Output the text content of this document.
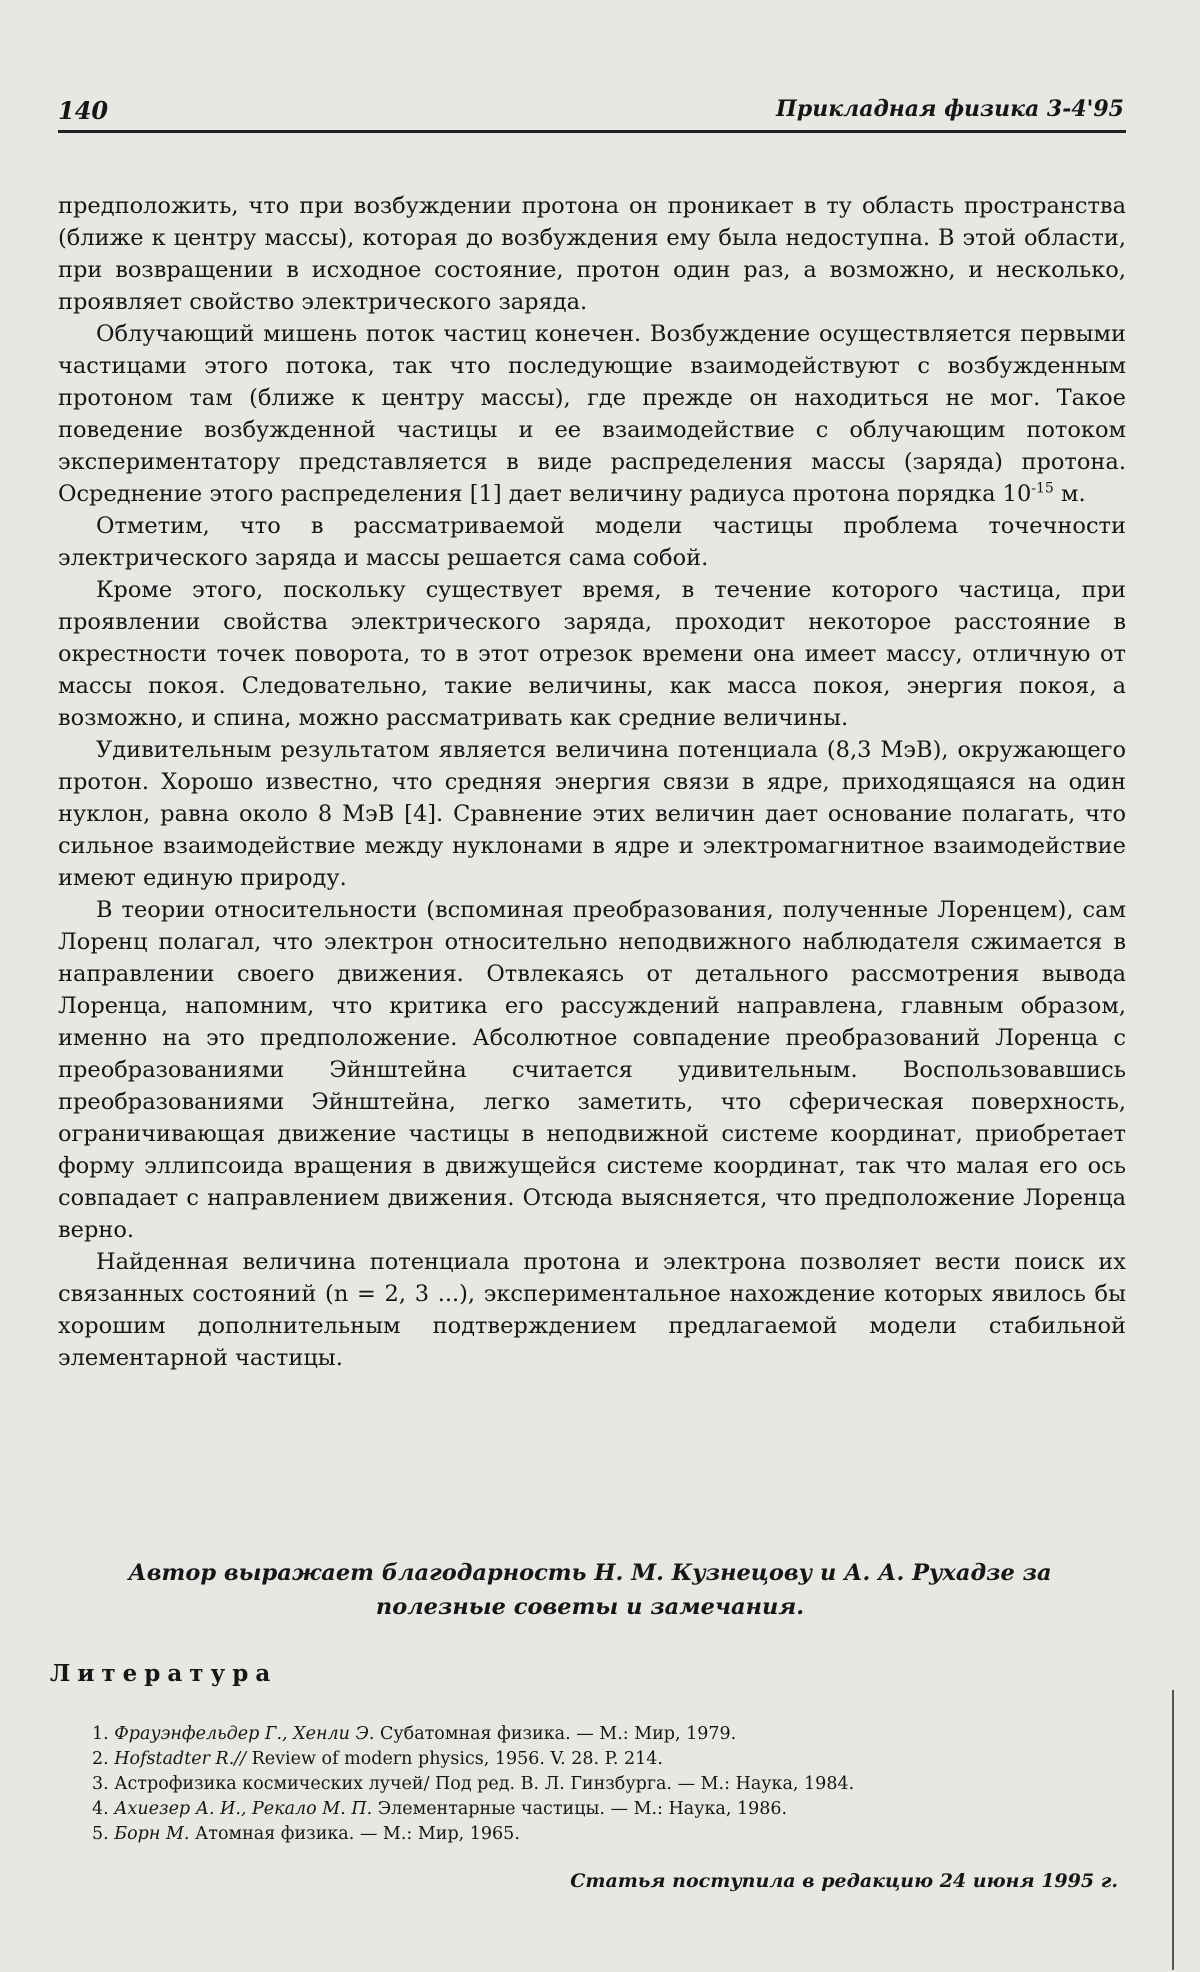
140	Прикладная физика 3-4'95

предположить, что при возбуждении протона он проникает в ту область пространства (ближе к центру массы), которая до возбуждения ему была недоступна. В этой области, при возвращении в исходное состояние, протон один раз, а возможно, и несколько, проявляет свойство электрического заряда.

Облучающий мишень поток частиц конечен. Возбуждение осуществляется первыми частицами этого потока, так что последующие взаимодействуют с возбужденным протоном там (ближе к центру массы), где прежде он находиться не мог. Такое поведение возбужденной частицы и ее взаимодействие с облучающим потоком экспериментатору представляется в виде распределения массы (заряда) протона. Осреднение этого распределения [1] дает величину радиуса протона порядка $10^{-15}$ м.

Отметим, что в рассматриваемой модели частицы проблема точечности электрического заряда и массы решается сама собой.

Кроме этого, поскольку существует время, в течение которого частица, при проявлении свойства электрического заряда, проходит некоторое расстояние в окрестности точек поворота, то в этот отрезок времени она имеет массу, отличную от массы покоя. Следовательно, такие величины, как масса покоя, энергия покоя, а возможно, и спина, можно рассматривать как средние величины.

Удивительным результатом является величина потенциала (8,3 МэВ), окружающего протон. Хорошо известно, что средняя энергия связи в ядре, приходящаяся на один нуклон, равна около 8 МэВ [4]. Сравнение этих величин дает основание полагать, что сильное взаимодействие между нуклонами в ядре и электромагнитное взаимодействие имеют единую природу.

В теории относительности (вспоминая преобразования, полученные Лоренцем), сам Лоренц полагал, что электрон относительно неподвижного наблюдателя сжимается в направлении своего движения. Отвлекаясь от детального рассмотрения вывода Лоренца, напомним, что критика его рассуждений направлена, главным образом, именно на это предположение. Абсолютное совпадение преобразований Лоренца с преобразованиями Эйнштейна считается удивительным. Воспользовавшись преобразованиями Эйнштейна, легко заметить, что сферическая поверхность, ограничивающая движение частицы в неподвижной системе координат, приобретает форму эллипсоида вращения в движущейся системе координат, так что малая его ось совпадает с направлением движения. Отсюда выясняется, что предположение Лоренца верно.

Найденная величина потенциала протона и электрона позволяет вести поиск их связанных состояний (n = 2, 3 ...), экспериментальное нахождение которых явилось бы хорошим дополнительным подтверждением предлагаемой модели стабильной элементарной частицы.

Автор выражает благодарность Н. М. Кузнецову и А. А. Рухадзе за полезные советы и замечания.
Литература
1. Фрауэнфельдер Г., Хенли Э. Субатомная физика. — М.: Мир, 1979.
2. Hofstadter R.// Review of modern physics, 1956. V. 28. P. 214.
3. Астрофизика космических лучей/ Под ред. В. Л. Гинзбурга. — М.: Наука, 1984.
4. Ахиезер А. И., Рекало М. П. Элементарные частицы. — М.: Наука, 1986.
5. Борн М. Атомная физика. — М.: Мир, 1965.
Статья поступила в редакцию 24 июня 1995 г.
